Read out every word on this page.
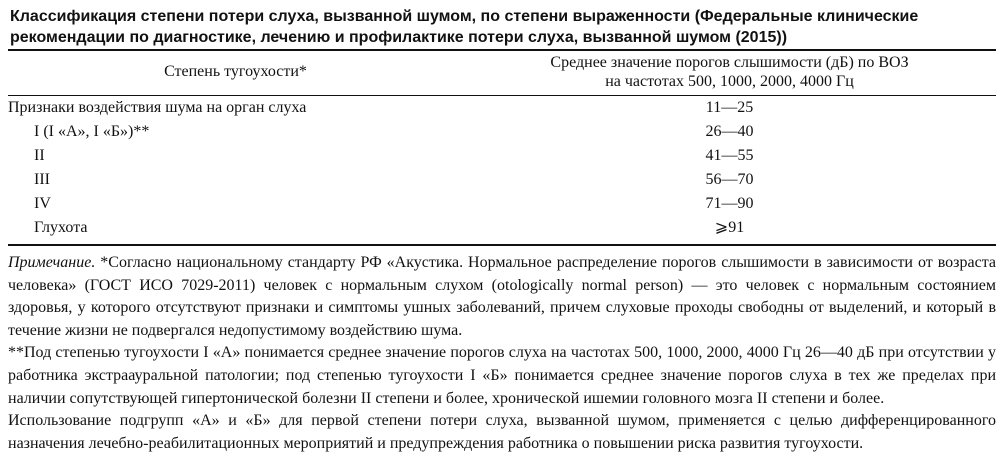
Классификация степени потери слуха, вызванной шумом, по степени выраженности (Федеральные клинические рекомендации по диагностике, лечению и профилактике потери слуха, вызванной шумом (2015))
Степень тугоухости*	Среднее значение порогов слышимости (дБ) по ВОЗ
на частотах 500, 1000, 2000, 4000 Гц
Признаки воздействия шума на орган слуха	11—25
I (I «А», I «Б»)**	26—40
II	41—55
III	56—70
IV	71—90
Глухота	⩾91

Примечание. *Согласно национальному стандарту РФ «Акустика. Нормальное распределение порогов слышимости в зависимости от возраста человека» (ГОСТ ИСО 7029-2011) человек с нормальным слухом (otologically normal person) — это человек с нормальным состоянием здоровья, у которого отсутствуют признаки и симптомы ушных заболеваний, причем слуховые проходы свободны от выделений, и который в течение жизни не подвергался недопустимому воздействию шума.

**Под степенью тугоухости I «А» понимается среднее значение порогов слуха на частотах 500, 1000, 2000, 4000 Гц 26—40 дБ при отсутствии у работника экстраауральной патологии; под степенью тугоухости I «Б» понимается среднее значение порогов слуха в тех же пределах при наличии сопутствующей гипертонической болезни II степени и более, хронической ишемии головного мозга II степени и более.

Использование подгрупп «А» и «Б» для первой степени потери слуха, вызванной шумом, применяется с целью дифференцированного назначения лечебно-реабилитационных мероприятий и предупреждения работника о повышении риска развития тугоухости.
